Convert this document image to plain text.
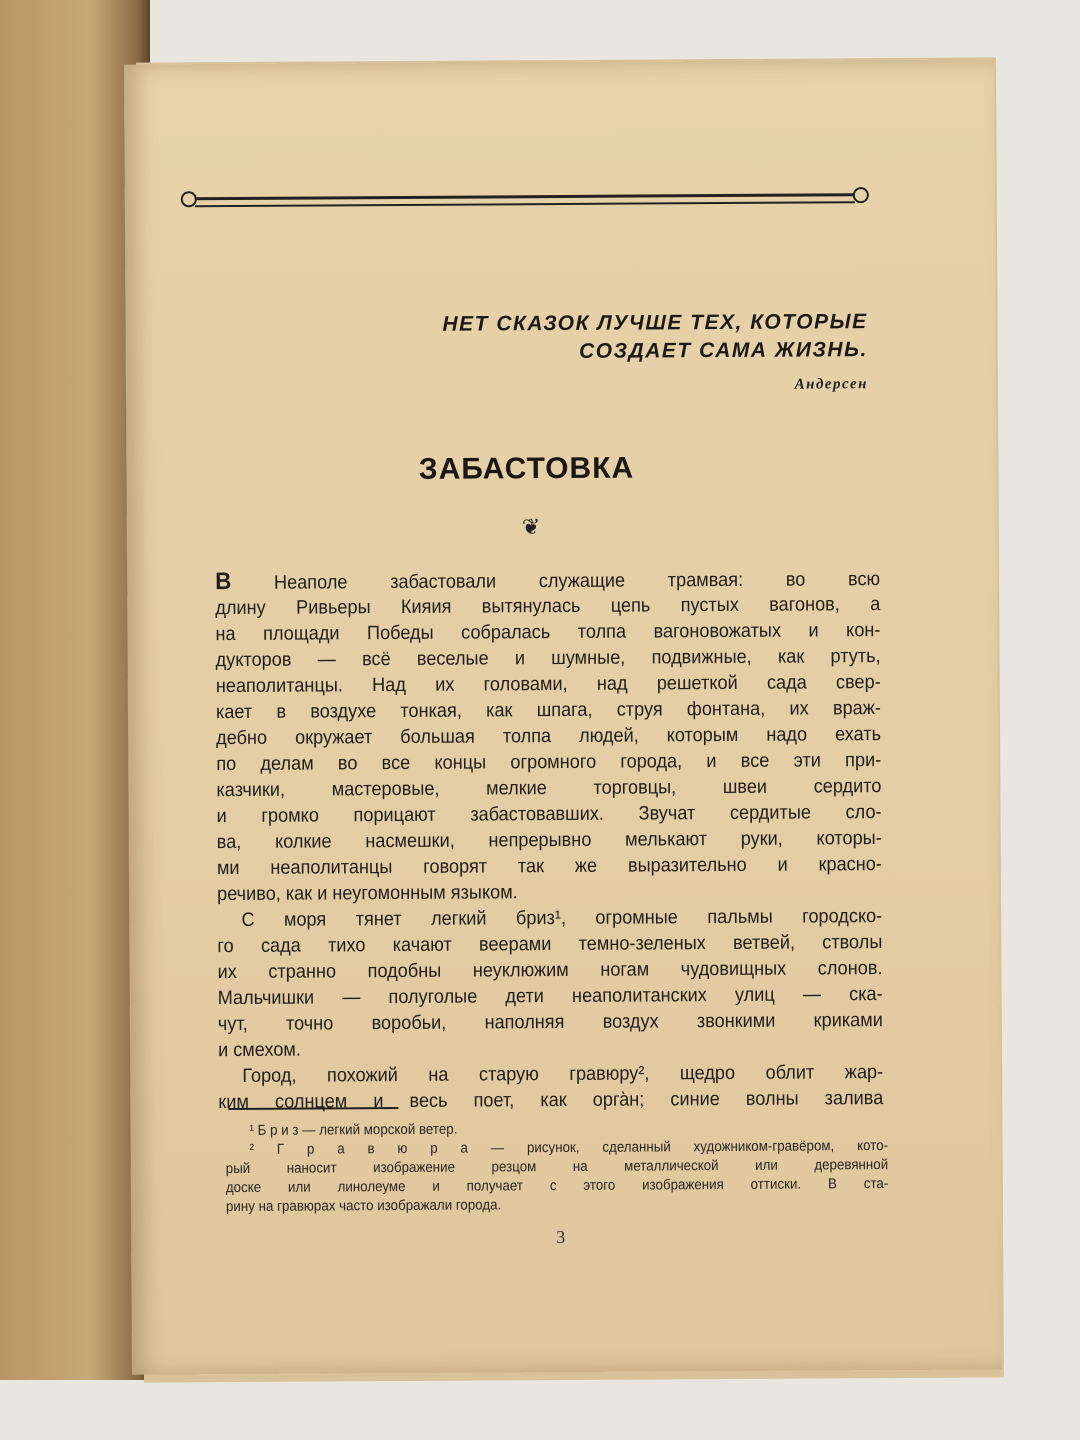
НЕТ СКАЗОК ЛУЧШЕ ТЕХ, КОТОРЫЕ
СОЗДАЕТ САМА ЖИЗНЬ.
Андерсен
ЗАБАСТОВКА
❦
В Неаполе забастовали служащие трамвая: во всю
длину Ривьеры Кияия вытянулась цепь пустых вагонов, а
на площади Победы собралась толпа вагоновожатых и кон-
дукторов — всё веселые и шумные, подвижные, как ртуть,
неаполитанцы. Над их головами, над решеткой сада свер-
кает в воздухе тонкая, как шпага, струя фонтана, их враж-
дебно окружает большая толпа людей, которым надо ехать
по делам во все концы огромного города, и все эти при-
казчики, мастеровые, мелкие торговцы, швеи сердито
и громко порицают забастовавших. Звучат сердитые сло-
ва, колкие насмешки, непрерывно мелькают руки, которы-
ми неаполитанцы говорят так же выразительно и красно-
речиво, как и неугомонным языком.
С моря тянет легкий бриз¹, огромные пальмы городско-
го сада тихо качают веерами темно-зеленых ветвей, стволы
их странно подобны неуклюжим ногам чудовищных слонов.
Мальчишки — полуголые дети неаполитанских улиц — ска-
чут, точно воробьи, наполняя воздух звонкими криками
и смехом.
Город, похожий на старую гравюру², щедро облит жар-
ким солнцем и весь поет, как орга̀н; синие волны залива
¹ Б р и з — легкий морской ветер.
² Г р а в ю р а — рисунок, сделанный художником-гравёром, кото-
рый наносит изображение резцом на металлической или деревянной
доске или линолеуме и получает с этого изображения оттиски. В ста-
рину на гравюрах часто изображали города.
3
